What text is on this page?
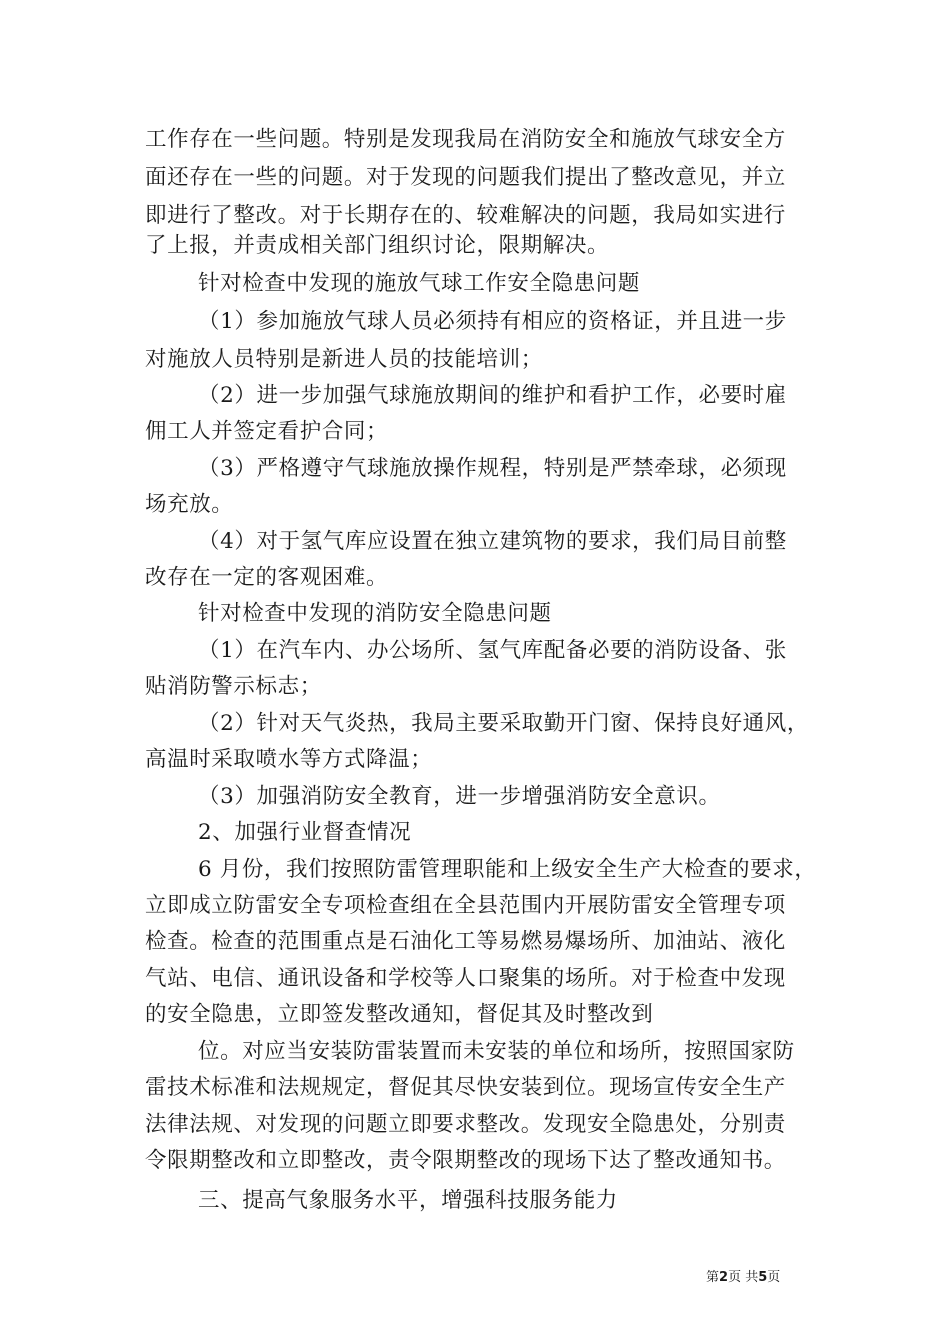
工作存在一些问题。特别是发现我局在消防安全和施放气球安全方
面还存在一些的问题。对于发现的问题我们提出了整改意见，并立
即进行了整改。对于长期存在的、较难解决的问题，我局如实进行
了上报，并责成相关部门组织讨论，限期解决。
针对检查中发现的施放气球工作安全隐患问题
（1）参加施放气球人员必须持有相应的资格证，并且进一步
对施放人员特别是新进人员的技能培训；
（2）进一步加强气球施放期间的维护和看护工作，必要时雇
佣工人并签定看护合同；
（3）严格遵守气球施放操作规程，特别是严禁牵球，必须现
场充放。
（4）对于氢气库应设置在独立建筑物的要求，我们局目前整
改存在一定的客观困难。
针对检查中发现的消防安全隐患问题
（1）在汽车内、办公场所、氢气库配备必要的消防设备、张
贴消防警示标志；
（2）针对天气炎热，我局主要采取勤开门窗、保持良好通风，
高温时采取喷水等方式降温；
（3）加强消防安全教育，进一步增强消防安全意识。
2、加强行业督查情况
6 月份，我们按照防雷管理职能和上级安全生产大检查的要求，
立即成立防雷安全专项检查组在全县范围内开展防雷安全管理专项
检查。检查的范围重点是石油化工等易燃易爆场所、加油站、液化
气站、电信、通讯设备和学校等人口聚集的场所。对于检查中发现
的安全隐患，立即签发整改通知，督促其及时整改到
位。对应当安装防雷装置而未安装的单位和场所，按照国家防
雷技术标准和法规规定，督促其尽快安装到位。现场宣传安全生产
法律法规、对发现的问题立即要求整改。发现安全隐患处，分别责
令限期整改和立即整改，责令限期整改的现场下达了整改通知书。
三、提高气象服务水平，增强科技服务能力
第2页 共5页
